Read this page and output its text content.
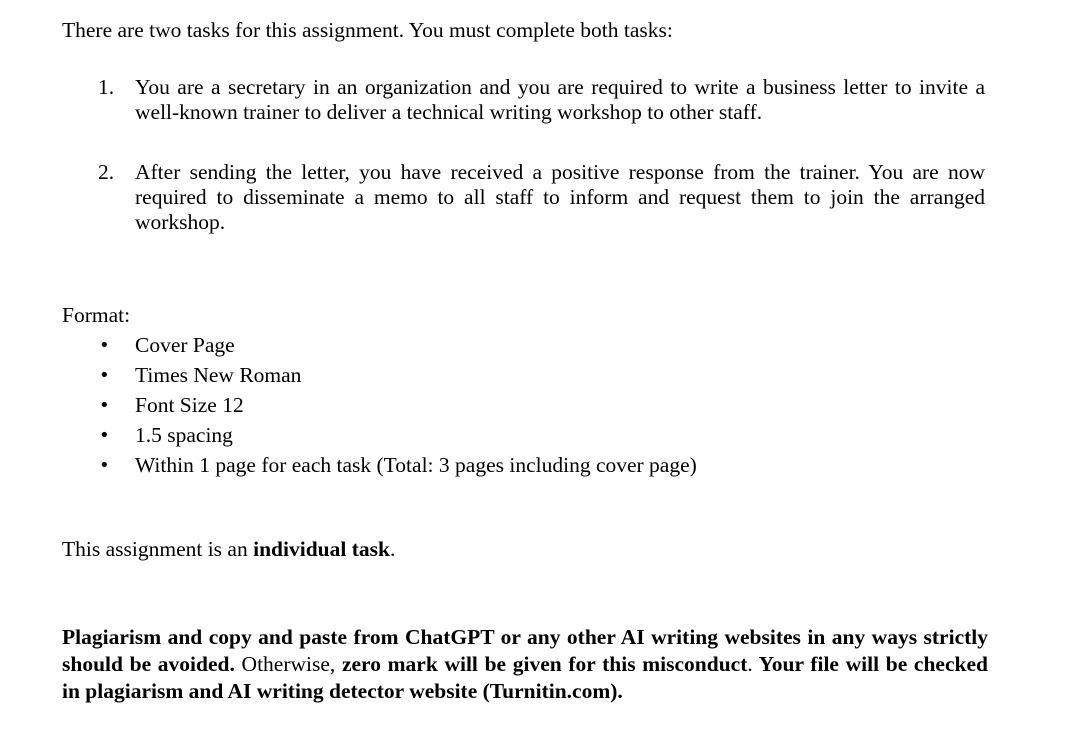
There are two tasks for this assignment. You must complete both tasks:

1. You are a secretary in an organization and you are required to write a business letter to invite a well-known trainer to deliver a technical writing workshop to other staff.
2. After sending the letter, you have received a positive response from the trainer. You are now required to disseminate a memo to all staff to inform and request them to join the arranged workshop.

Format:

• Cover Page
• Times New Roman
• Font Size 12
• 1.5 spacing
• Within 1 page for each task (Total: 3 pages including cover page)

This assignment is an individual task.

Plagiarism and copy and paste from ChatGPT or any other AI writing websites in any ways strictly should be avoided. Otherwise, zero mark will be given for this misconduct. Your file will be checked in plagiarism and AI writing detector website (Turnitin.com).
